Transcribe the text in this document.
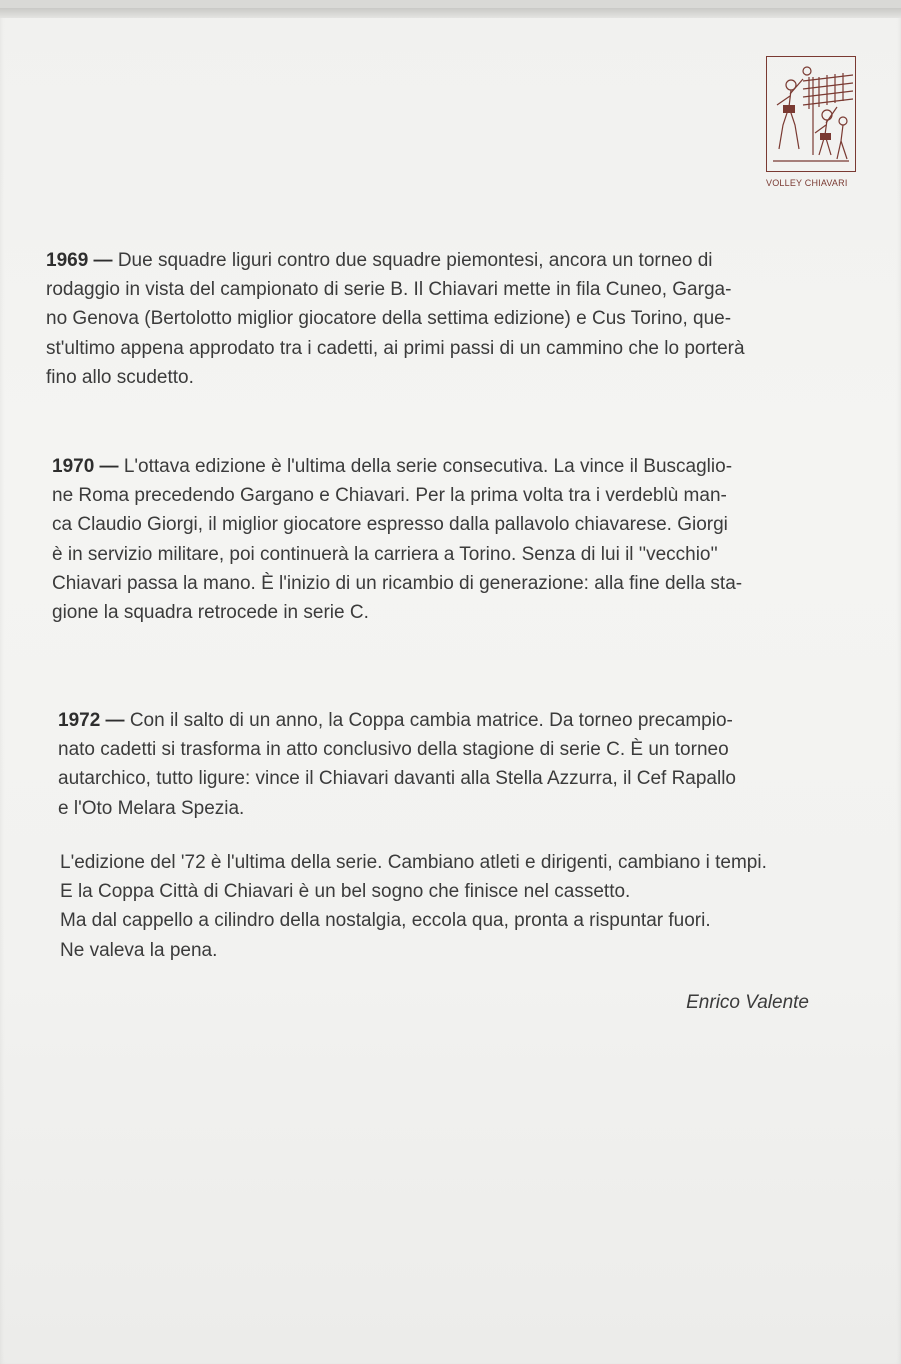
VOLLEY CHIAVARI
1969 — Due squadre liguri contro due squadre piemontesi, ancora un torneo di
rodaggio in vista del campionato di serie B. Il Chiavari mette in fila Cuneo, Gargа-
no Genova (Bertolotto miglior giocatore della settima edizione) e Cus Torino, que-
st'ultimo appena approdato tra i cadetti, ai primi passi di un cammino che lo porterà
fino allo scudetto.
1970 — L'ottava edizione è l'ultima della serie consecutiva. La vince il Buscaglio-
ne Roma precedendo Gargano e Chiavari. Per la prima volta tra i verdeblù man-
ca Claudio Giorgi, il miglior giocatore espresso dalla pallavolo chiavarese. Giorgi
è in servizio militare, poi continuerà la carriera a Torino. Senza di lui il ''vecchio''
Chiavari passa la mano. È l'inizio di un ricambio di generazione: alla fine della sta-
gione la squadra retrocede in serie C.
1972 — Con il salto di un anno, la Coppa cambia matrice. Da torneo precampio-
nato cadetti si trasforma in atto conclusivo della stagione di serie C. È un torneo
autarchico, tutto ligure: vince il Chiavari davanti alla Stella Azzurra, il Cef Rapallo
e l'Oto Melara Spezia.
L'edizione del '72 è l'ultima della serie. Cambiano atleti e dirigenti, cambiano i tempi.
E la Coppa Città di Chiavari è un bel sogno che finisce nel cassetto.
Ma dal cappello a cilindro della nostalgia, eccola qua, pronta a rispuntar fuori.
Ne valeva la pena.
Enrico Valente
